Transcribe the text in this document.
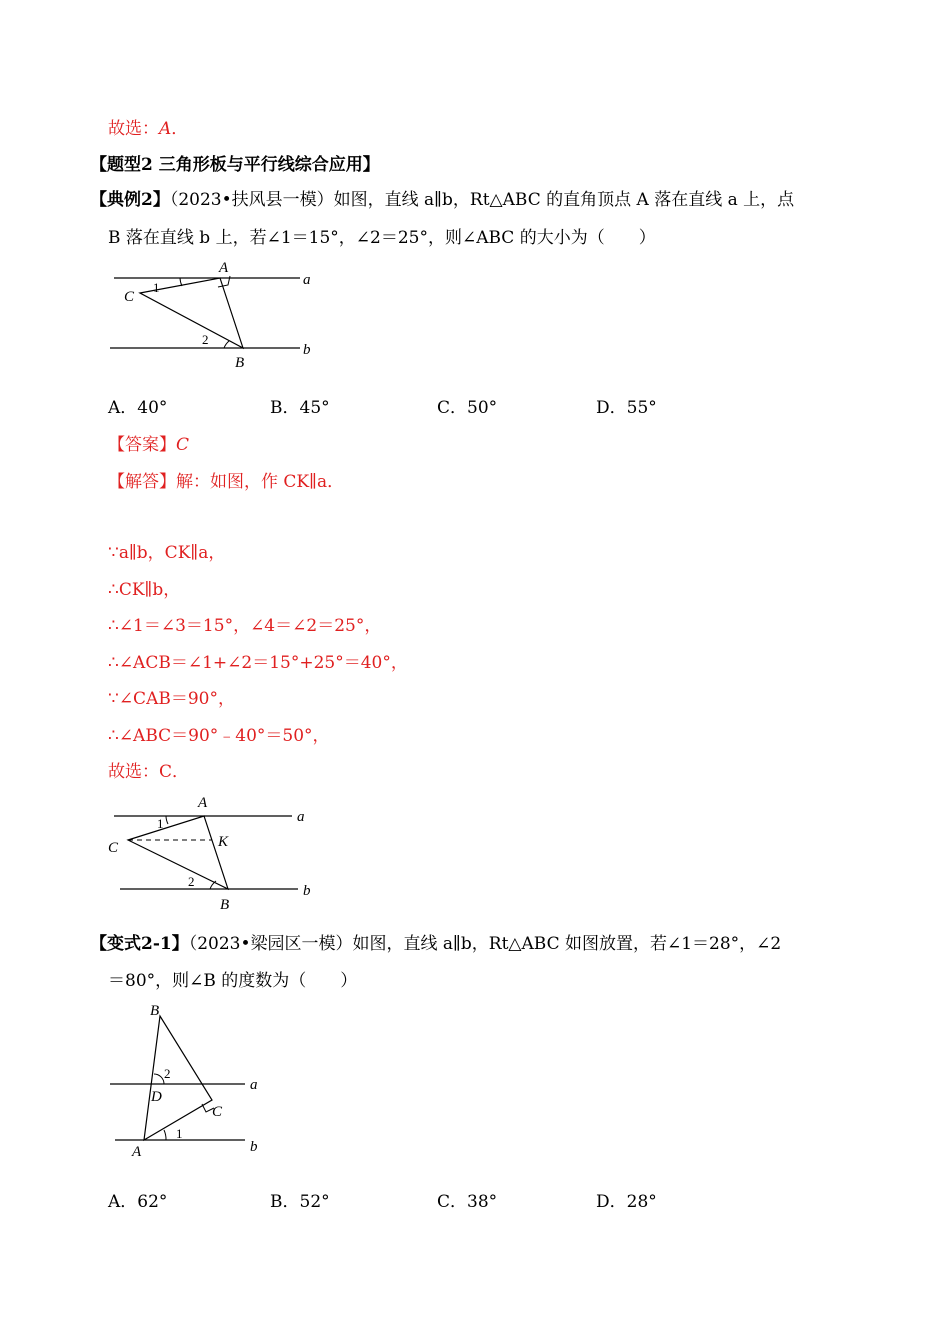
故选：A．
【题型2 三角形板与平行线综合应用】
【典例2】（2023•扶风县一模）如图，直线 a∥b，Rt△ABC 的直角顶点 A 落在直线 a 上，点
B 落在直线 b 上，若∠1＝15°，∠2＝25°，则∠ABC 的大小为（　　）
A
B
C
a
b
1
2
A．40°	B．45°	C．50°	D．55°
【答案】C
【解答】解：如图，作 CK∥a．
∵a∥b，CK∥a，
∴CK∥b，
∴∠1＝∠3＝15°，∠4＝∠2＝25°，
∴∠ACB＝∠1+∠2＝15°+25°＝40°，
∵∠CAB＝90°，
∴∠ABC＝90°﹣40°＝50°，
故选：C．
A
B
C	K
a
b
1
2
【变式2-1】（2023•梁园区一模）如图，直线 a∥b，Rt△ABC 如图放置，若∠1＝28°，∠2
＝80°，则∠B 的度数为（　　）
B
A
C
D
a
b
2
1
A．62°	B．52°	C．38°	D．28°
